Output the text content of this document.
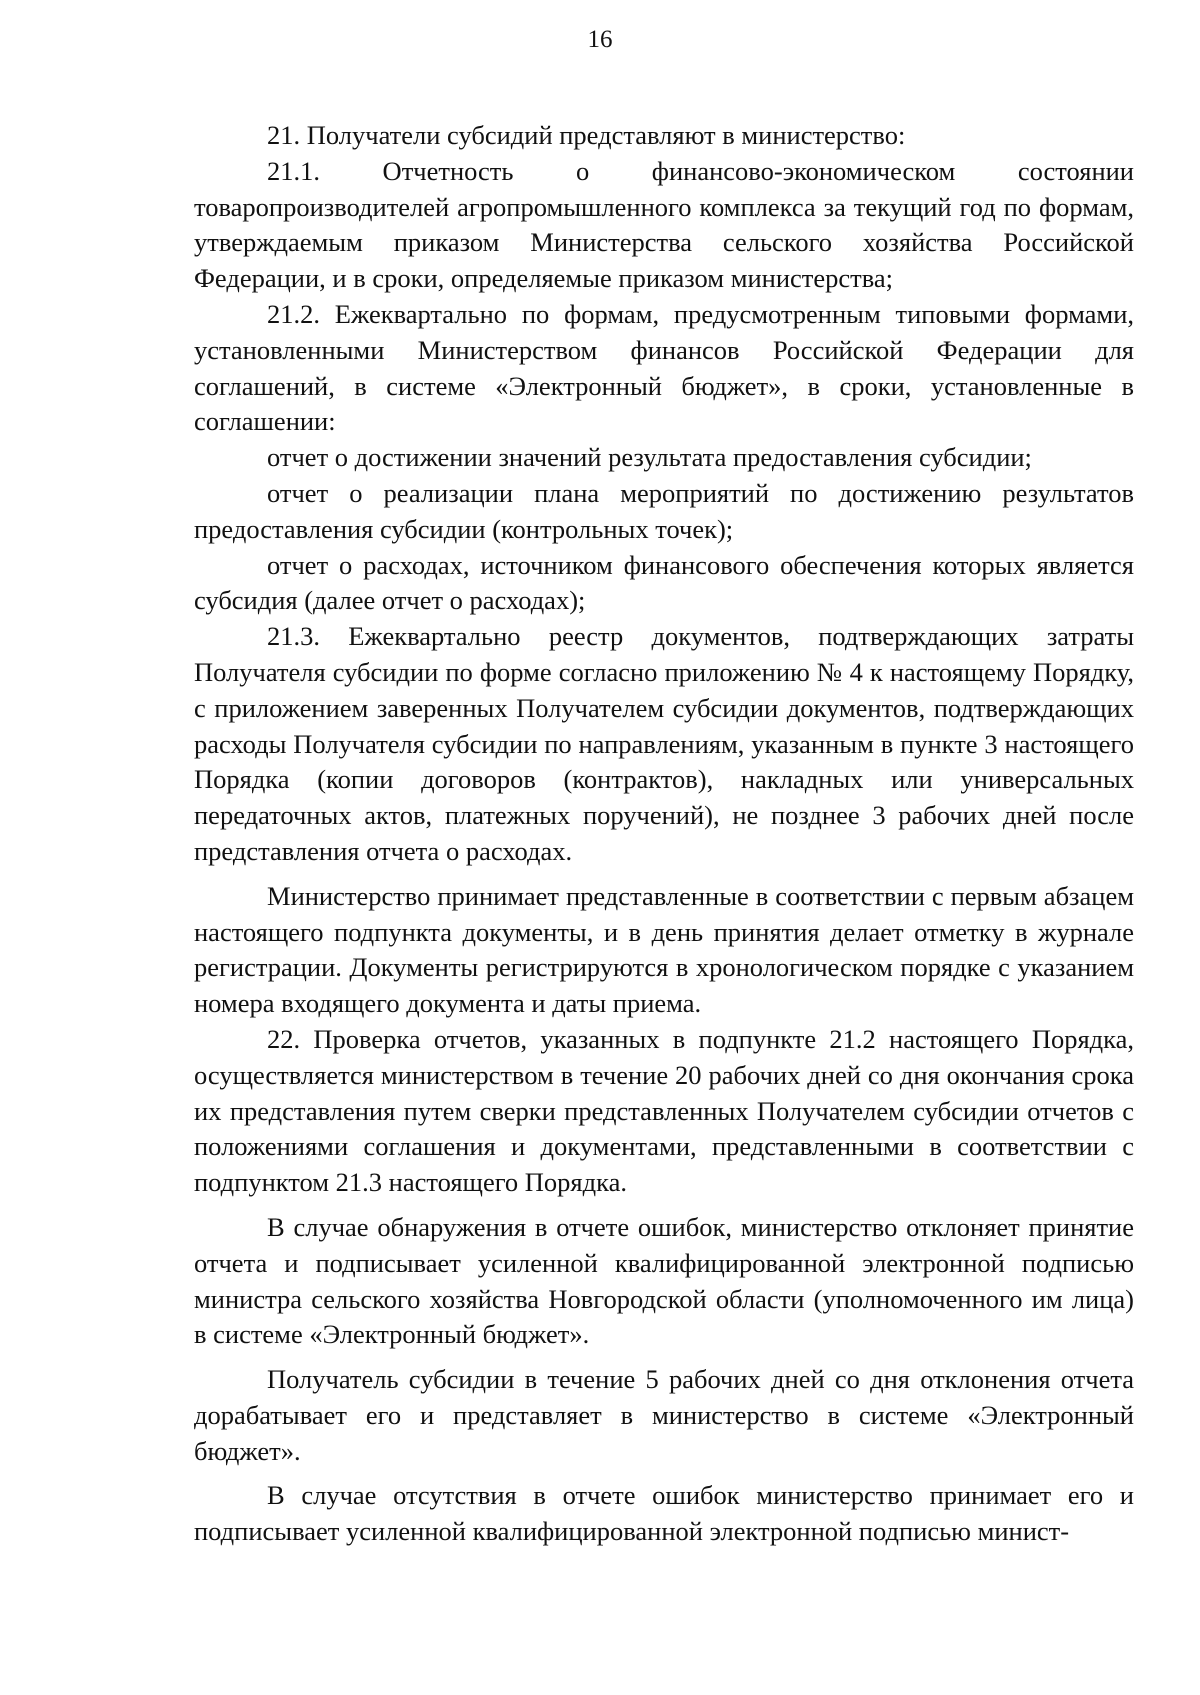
16

21. Получатели субсидий представляют в министерство:

21.1. Отчетность о финансово-экономическом состоянии товаропроизводителей агропромышленного комплекса за текущий год по формам, утверждаемым приказом Министерства сельского хозяйства Российской Федерации, и в сроки, определяемые приказом министерства;

21.2. Ежеквартально по формам, предусмотренным типовыми формами, установленными Министерством финансов Российской Федерации для соглашений, в системе «Электронный бюджет», в сроки, установленные в соглашении:

отчет о достижении значений результата предоставления субсидии;

отчет о реализации плана мероприятий по достижению результатов предоставления субсидии (контрольных точек);

отчет о расходах, источником финансового обеспечения которых является субсидия (далее отчет о расходах);

21.3. Ежеквартально реестр документов, подтверждающих затраты Получателя субсидии по форме согласно приложению № 4 к настоящему Порядку, с приложением заверенных Получателем субсидии документов, подтверждающих расходы Получателя субсидии по направлениям, указанным в пункте 3 настоящего Порядка (копии договоров (контрактов), накладных или универсальных передаточных актов, платежных поручений), не позднее 3 рабочих дней после представления отчета о расходах.

Министерство принимает представленные в соответствии с первым абзацем настоящего подпункта документы, и в день принятия делает отметку в журнале регистрации. Документы регистрируются в хронологическом порядке с указанием номера входящего документа и даты приема.

22. Проверка отчетов, указанных в подпункте 21.2 настоящего Порядка, осуществляется министерством в течение 20 рабочих дней со дня окончания срока их представления путем сверки представленных Получателем субсидии отчетов с положениями соглашения и документами, представленными в соответствии с подпунктом 21.3 настоящего Порядка.

В случае обнаружения в отчете ошибок, министерство отклоняет принятие отчета и подписывает усиленной квалифицированной электронной подписью министра сельского хозяйства Новгородской области (уполномоченного им лица) в системе «Электронный бюджет».

Получатель субсидии в течение 5 рабочих дней со дня отклонения отчета дорабатывает его и представляет в министерство в системе «Электронный бюджет».

В случае отсутствия в отчете ошибок министерство принимает его и подписывает усиленной квалифицированной электронной подписью минист-
